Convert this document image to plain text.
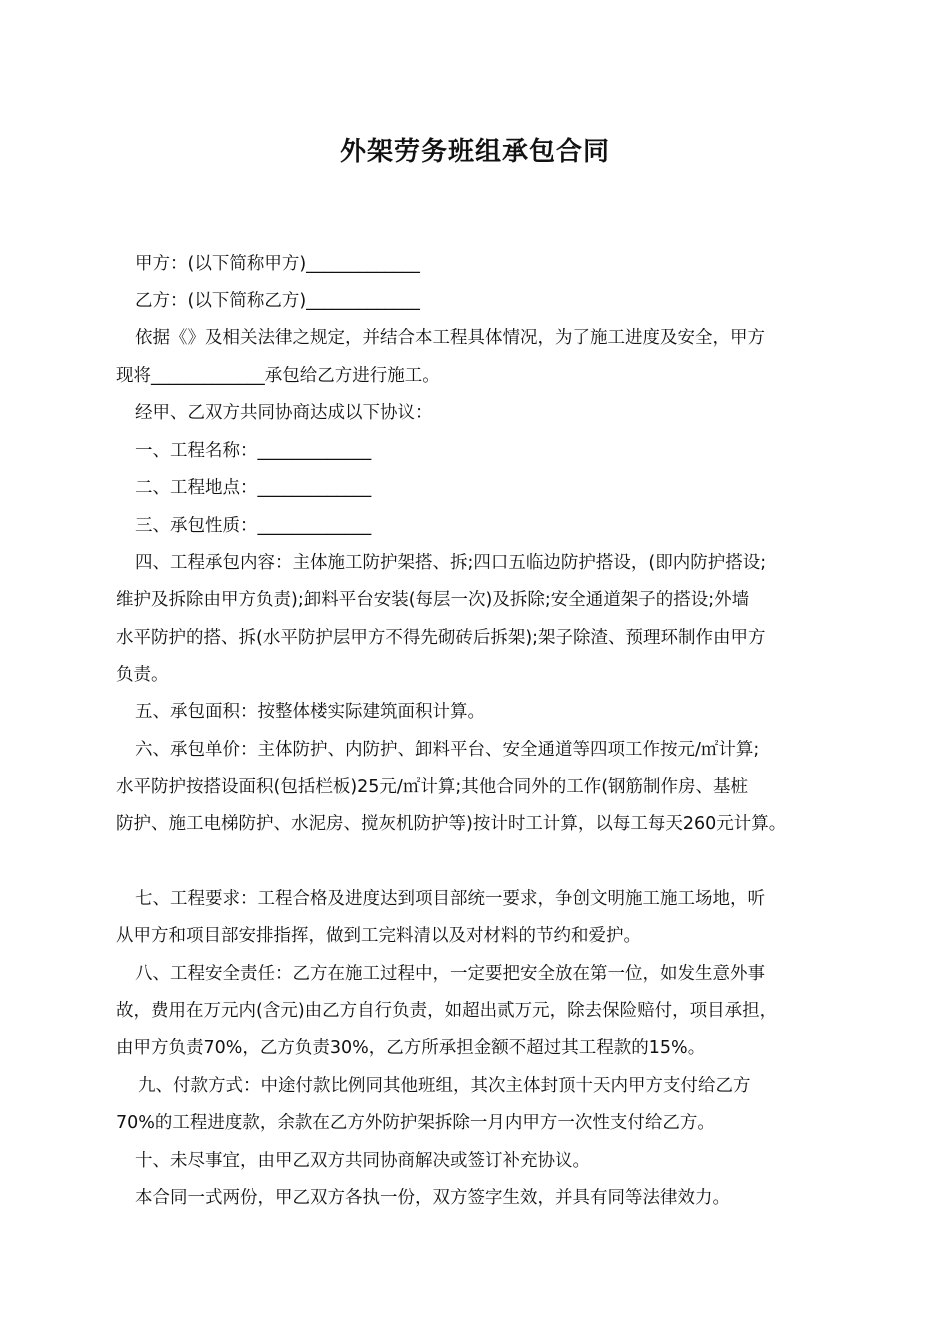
外架劳务班组承包合同
甲方：(以下简称甲方)_____________
乙方：(以下简称乙方)_____________
依据《》及相关法律之规定，并结合本工程具体情况，为了施工进度及安全，甲方
现将_____________承包给乙方进行施工。
经甲、乙双方共同协商达成以下协议：
一、工程名称：_____________
二、工程地点：_____________
三、承包性质：_____________
四、工程承包内容：主体施工防护架搭、拆;四口五临边防护搭设，(即内防护搭设;
维护及拆除由甲方负责);卸料平台安装(每层一次)及拆除;安全通道架子的搭设;外墙
水平防护的搭、拆(水平防护层甲方不得先砌砖后拆架);架子除渣、预理环制作由甲方
负责。
五、承包面积：按整体楼实际建筑面积计算。
六、承包单价：主体防护、内防护、卸料平台、安全通道等四项工作按元/㎡计算;
水平防护按搭设面积(包括栏板)25元/㎡计算;其他合同外的工作(钢筋制作房、基桩
防护、施工电梯防护、水泥房、搅灰机防护等)按计时工计算，以每工每天260元计算。
七、工程要求：工程合格及进度达到项目部统一要求，争创文明施工施工场地，听
从甲方和项目部安排指挥，做到工完料清以及对材料的节约和爱护。
八、工程安全责任：乙方在施工过程中，一定要把安全放在第一位，如发生意外事
故，费用在万元内(含元)由乙方自行负责，如超出贰万元，除去保险赔付，项目承担，
由甲方负责70%，乙方负责30%，乙方所承担金额不超过其工程款的15%。
九、付款方式：中途付款比例同其他班组，其次主体封顶十天内甲方支付给乙方
70%的工程进度款，余款在乙方外防护架拆除一月内甲方一次性支付给乙方。
十、未尽事宜，由甲乙双方共同协商解决或签订补充协议。
本合同一式两份，甲乙双方各执一份，双方签字生效，并具有同等法律效力。
